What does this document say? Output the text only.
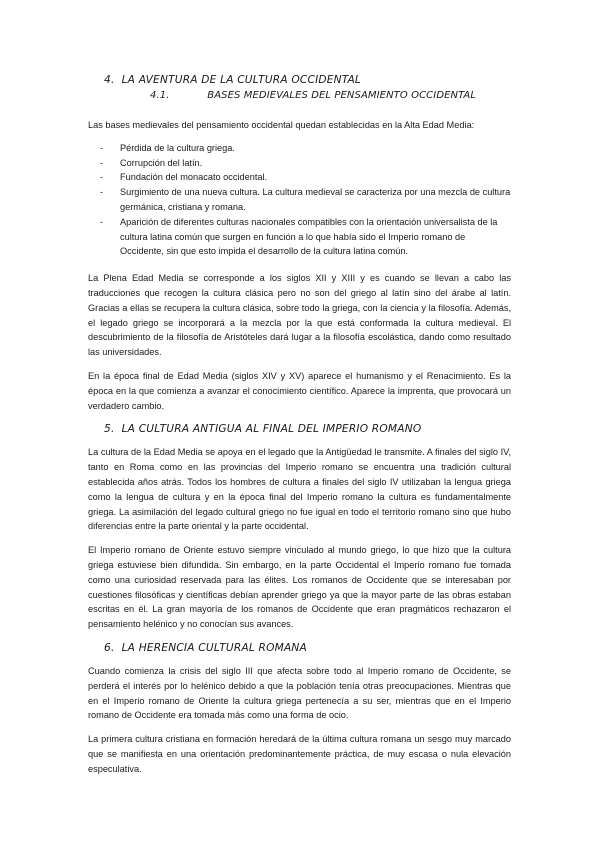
4. LA AVENTURA DE LA CULTURA OCCIDENTAL
4.1.	BASES MEDIEVALES DEL PENSAMIENTO OCCIDENTAL

Las bases medievales del pensamiento occidental quedan establecidas en la Alta Edad Media:

- Pérdida de la cultura griega.
- Corrupción del latín.
- Fundación del monacato occidental.
- Surgimiento de una nueva cultura. La cultura medieval se caracteriza por una mezcla de cultura germánica, cristiana y romana.
- Aparición de diferentes culturas nacionales compatibles con la orientación universalista de la cultura latina común que surgen en función a lo que había sido el Imperio romano de Occidente, sin que esto impida el desarrollo de la cultura latina común.

La Plena Edad Media se corresponde a los siglos XII y XIII y es cuando se llevan a cabo las traducciones que recogen la cultura clásica pero no son del griego al latín sino del árabe al latín. Gracias a ellas se recupera la cultura clásica, sobre todo la griega, con la ciencia y la filosofía. Además, el legado griego se incorporará a la mezcla por la que está conformada la cultura medieval. El descubrimiento de la filosofía de Aristóteles dará lugar a la filosofía escolástica, dando como resultado las universidades.

En la época final de Edad Media (siglos XIV y XV) aparece el humanismo y el Renacimiento. Es la época en la que comienza a avanzar el conocimiento científico. Aparece la imprenta, que provocará un verdadero cambio.

5. LA CULTURA ANTIGUA AL FINAL DEL IMPERIO ROMANO

La cultura de la Edad Media se apoya en el legado que la Antigüedad le transmite. A finales del siglo IV, tanto en Roma como en las provincias del Imperio romano se encuentra una tradición cultural establecida años atrás. Todos los hombres de cultura a finales del siglo IV utilizaban la lengua griega como la lengua de cultura y en la época final del Imperio romano la cultura es fundamentalmente griega. La asimilación del legado cultural griego no fue igual en todo el territorio romano sino que hubo diferencias entre la parte oriental y la parte occidental.

El Imperio romano de Oriente estuvo siempre vinculado al mundo griego, lo que hizo que la cultura griega estuviese bien difundida. Sin embargo, en la parte Occidental el Imperio romano fue tomada como una curiosidad reservada para las élites. Los romanos de Occidente que se interesaban por cuestiones filosóficas y científicas debían aprender griego ya que la mayor parte de las obras estaban escritas en él. La gran mayoría de los romanos de Occidente que eran pragmáticos rechazaron el pensamiento helénico y no conocían sus avances.

6. LA HERENCIA CULTURAL ROMANA

Cuando comienza la crisis del siglo III que afecta sobre todo al Imperio romano de Occidente, se perderá el interés por lo helénico debido a que la población tenía otras preocupaciones. Mientras que en el Imperio romano de Oriente la cultura griega pertenecía a su ser, mientras que en el Imperio romano de Occidente era tomada más como una forma de ocio.

La primera cultura cristiana en formación heredará de la última cultura romana un sesgo muy marcado que se manifiesta en una orientación predominantemente práctica, de muy escasa o nula elevación especulativa.
